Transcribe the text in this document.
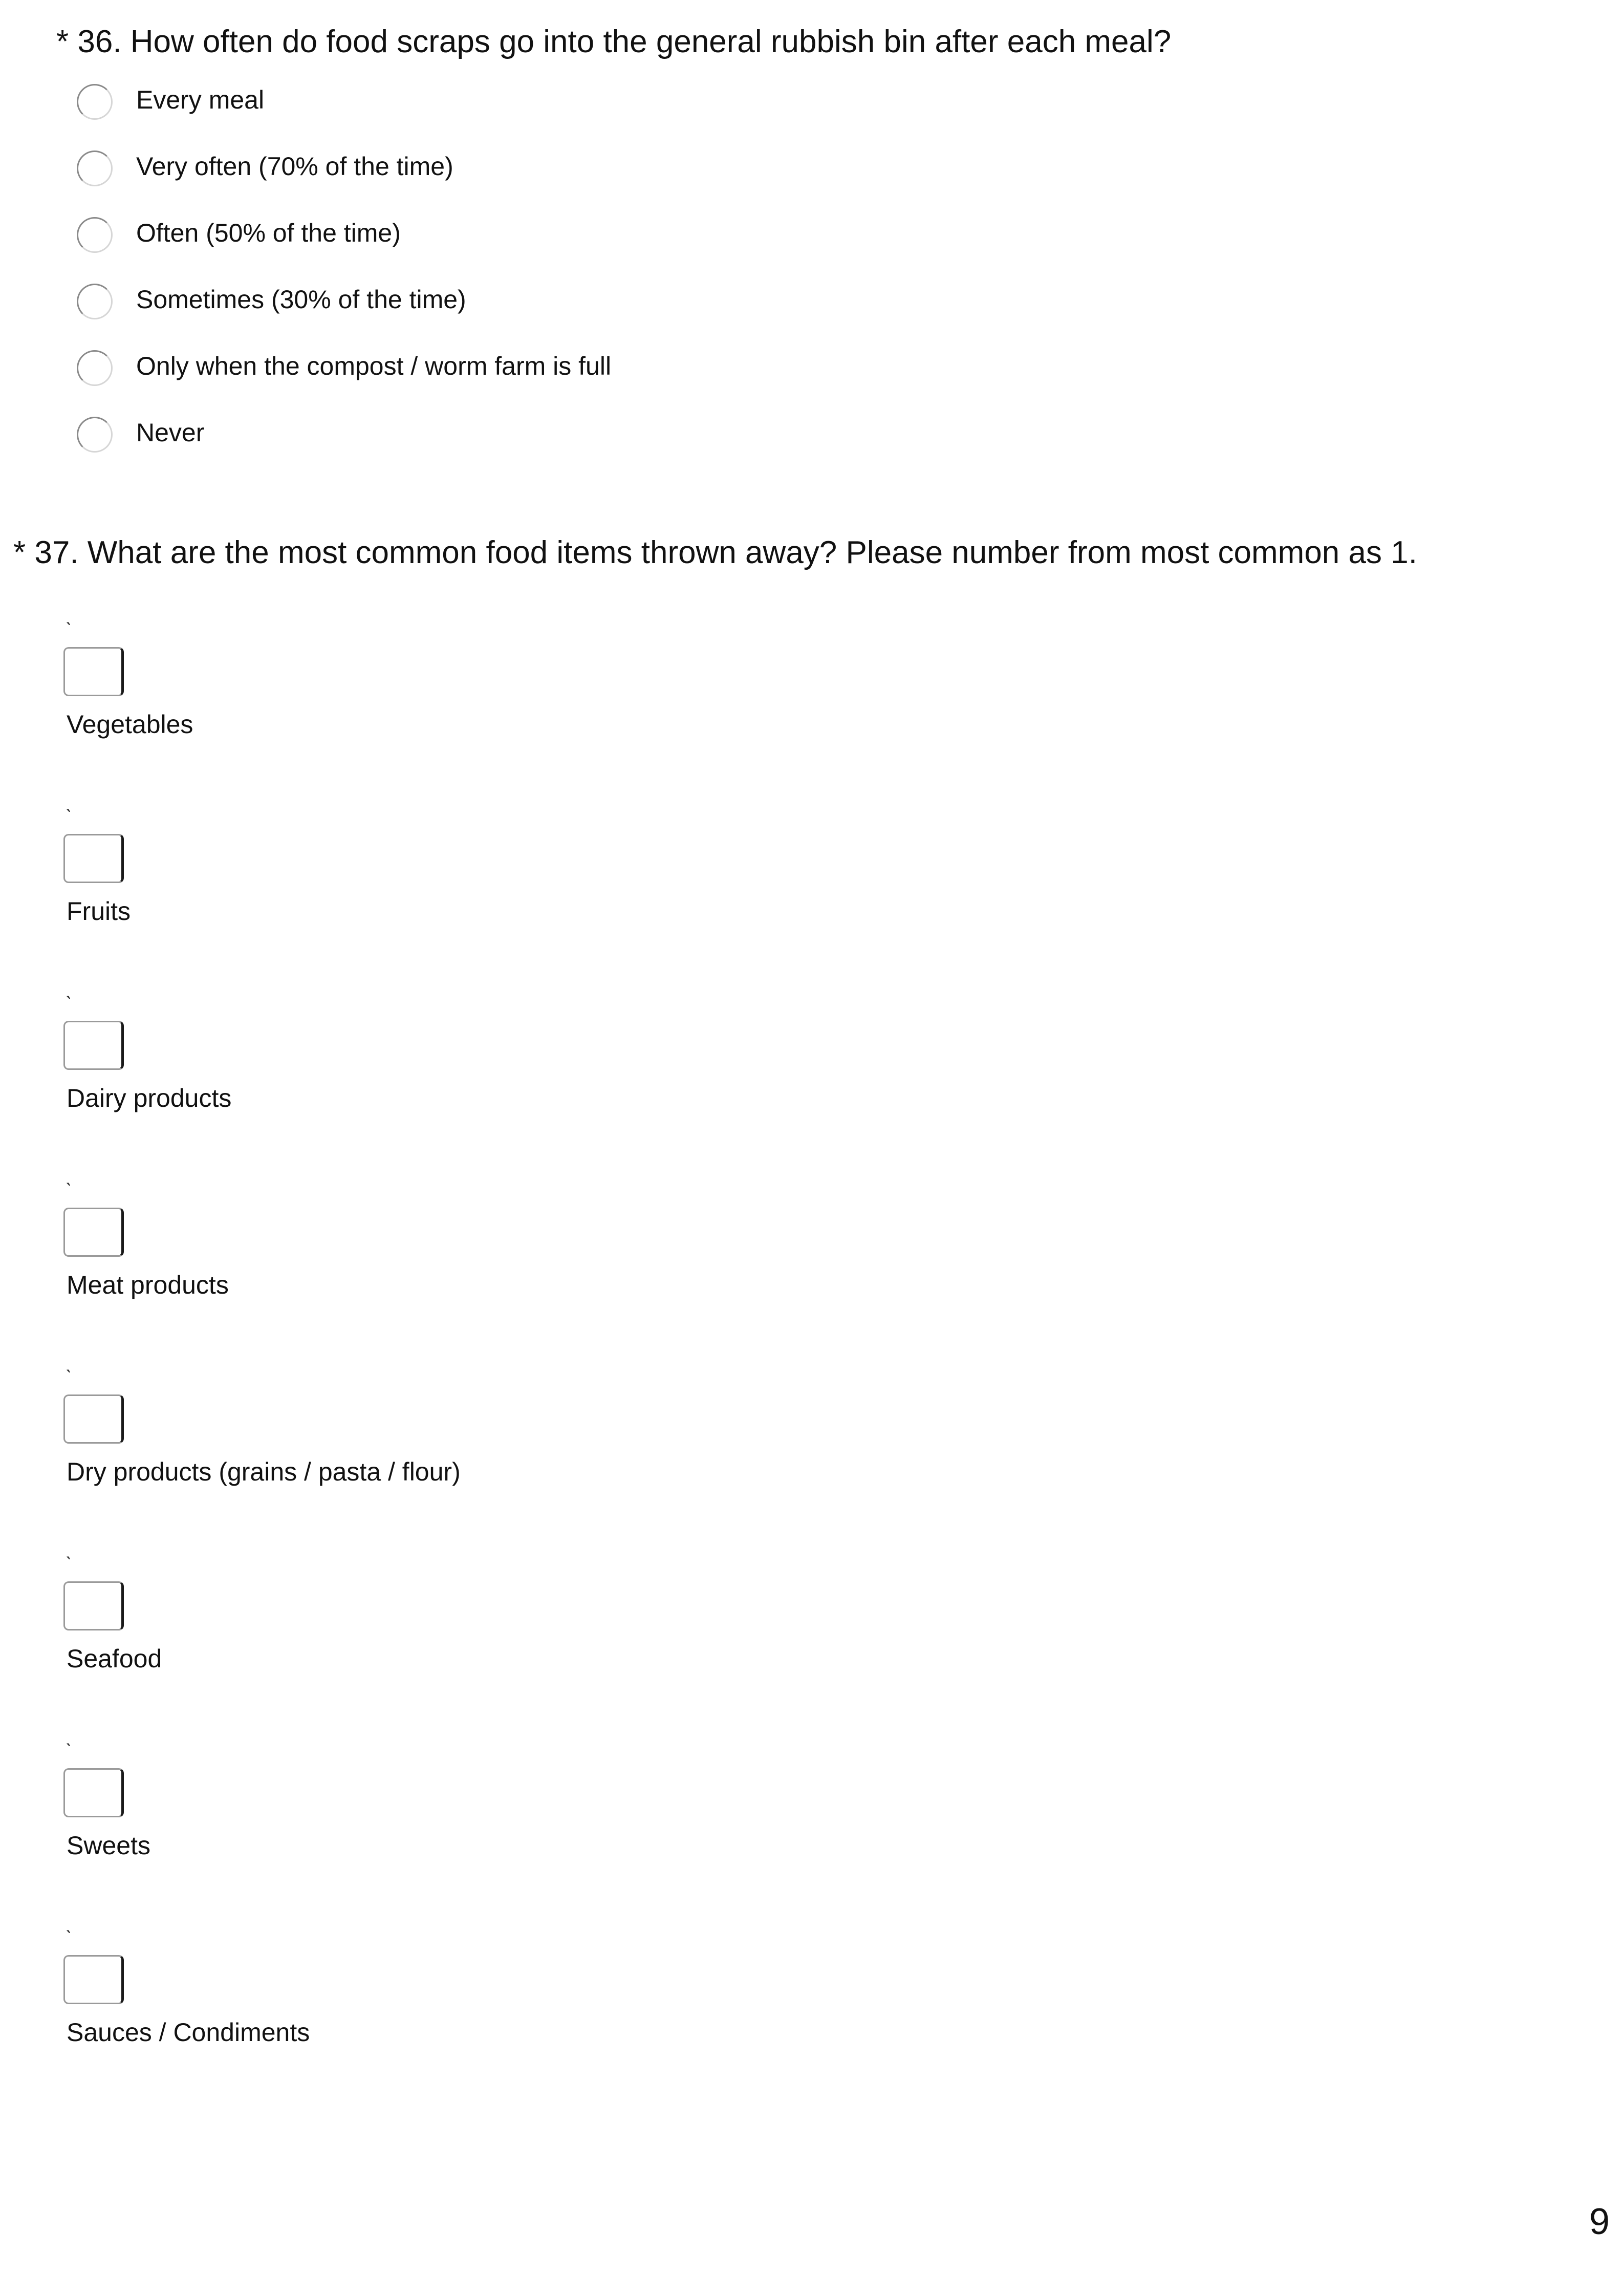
* 36. How often do food scraps go into the general rubbish bin after each meal?
Every meal
Very often (70% of the time)
Often (50% of the time)
Sometimes (30% of the time)
Only when the compost / worm farm is full
Never
* 37. What are the most common food items thrown away? Please number from most common as 1.
ˎ
Vegetables
ˎ
Fruits
ˎ
Dairy products
ˎ
Meat products
ˎ
Dry products (grains / pasta / flour)
ˎ
Seafood
ˎ
Sweets
ˎ
Sauces / Condiments
9
